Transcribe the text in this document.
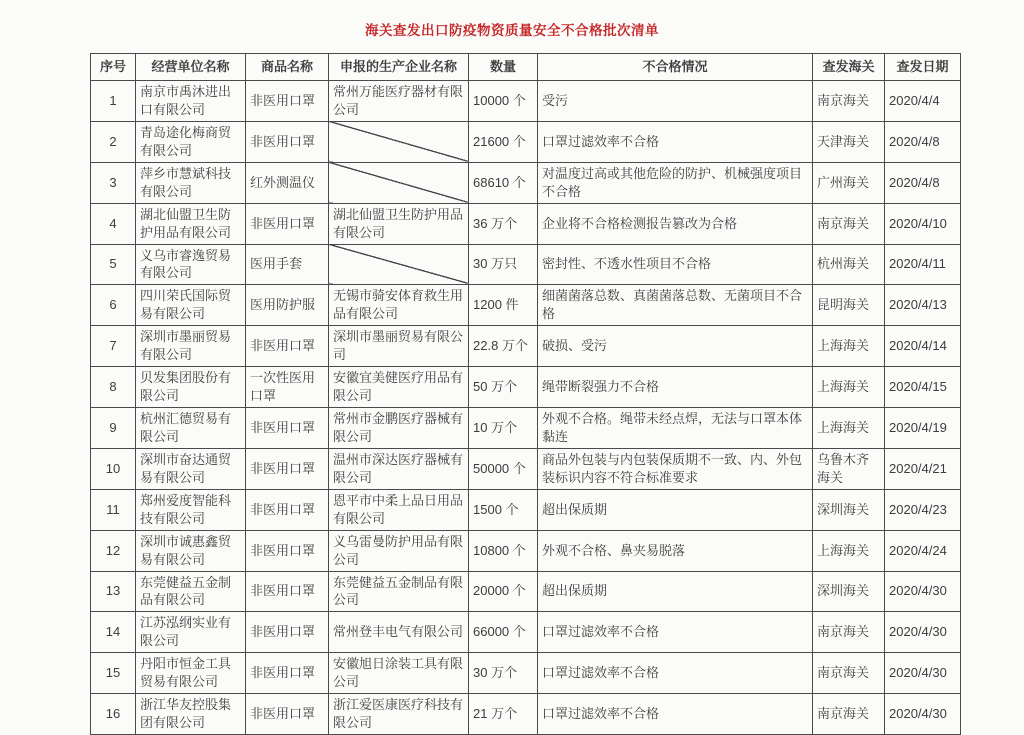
海关查发出口防疫物资质量安全不合格批次清单
序号	经营单位名称	商品名称	申报的生产企业名称	数量	不合格情况	查发海关	查发日期
1	南京市禹沐进出口有限公司	非医用口罩	常州万能医疗器材有限公司	10000 个	受污	南京海关	2020/4/4
2	青岛途化梅商贸有限公司	非医用口罩		21600 个	口罩过滤效率不合格	天津海关	2020/4/8
3	萍乡市慧斌科技有限公司	红外测温仪		68610 个	对温度过高或其他危险的防护、机械强度项目不合格	广州海关	2020/4/8
4	湖北仙盟卫生防护用品有限公司	非医用口罩	湖北仙盟卫生防护用品有限公司	36 万个	企业将不合格检测报告篡改为合格	南京海关	2020/4/10
5	义乌市睿逸贸易有限公司	医用手套		30 万只	密封性、不透水性项目不合格	杭州海关	2020/4/11
6	四川荣氏国际贸易有限公司	医用防护服	无锡市骑安体育救生用品有限公司	1200 件	细菌菌落总数、真菌菌落总数、无菌项目不合格	昆明海关	2020/4/13
7	深圳市墨丽贸易有限公司	非医用口罩	深圳市墨丽贸易有限公司	22.8 万个	破损、受污	上海海关	2020/4/14
8	贝发集团股份有限公司	一次性医用口罩	安徽宜美健医疗用品有限公司	50 万个	绳带断裂强力不合格	上海海关	2020/4/15
9	杭州汇德贸易有限公司	非医用口罩	常州市金鹏医疗器械有限公司	10 万个	外观不合格。绳带未经点焊，无法与口罩本体黏连	上海海关	2020/4/19
10	深圳市奋达通贸易有限公司	非医用口罩	温州市深达医疗器械有限公司	50000 个	商品外包装与内包装保质期不一致、内、外包装标识内容不符合标准要求	乌鲁木齐海关	2020/4/21
11	郑州爱度智能科技有限公司	非医用口罩	恩平市中柔上品日用品有限公司	1500 个	超出保质期	深圳海关	2020/4/23
12	深圳市诚惠鑫贸易有限公司	非医用口罩	义乌雷曼防护用品有限公司	10800 个	外观不合格、鼻夹易脱落	上海海关	2020/4/24
13	东莞健益五金制品有限公司	非医用口罩	东莞健益五金制品有限公司	20000 个	超出保质期	深圳海关	2020/4/30
14	江苏泓纲实业有限公司	非医用口罩	常州登丰电气有限公司	66000 个	口罩过滤效率不合格	南京海关	2020/4/30
15	丹阳市恒金工具贸易有限公司	非医用口罩	安徽旭日涂装工具有限公司	30 万个	口罩过滤效率不合格	南京海关	2020/4/30
16	浙江华友控股集团有限公司	非医用口罩	浙江爱医康医疗科技有限公司	21 万个	口罩过滤效率不合格	南京海关	2020/4/30
